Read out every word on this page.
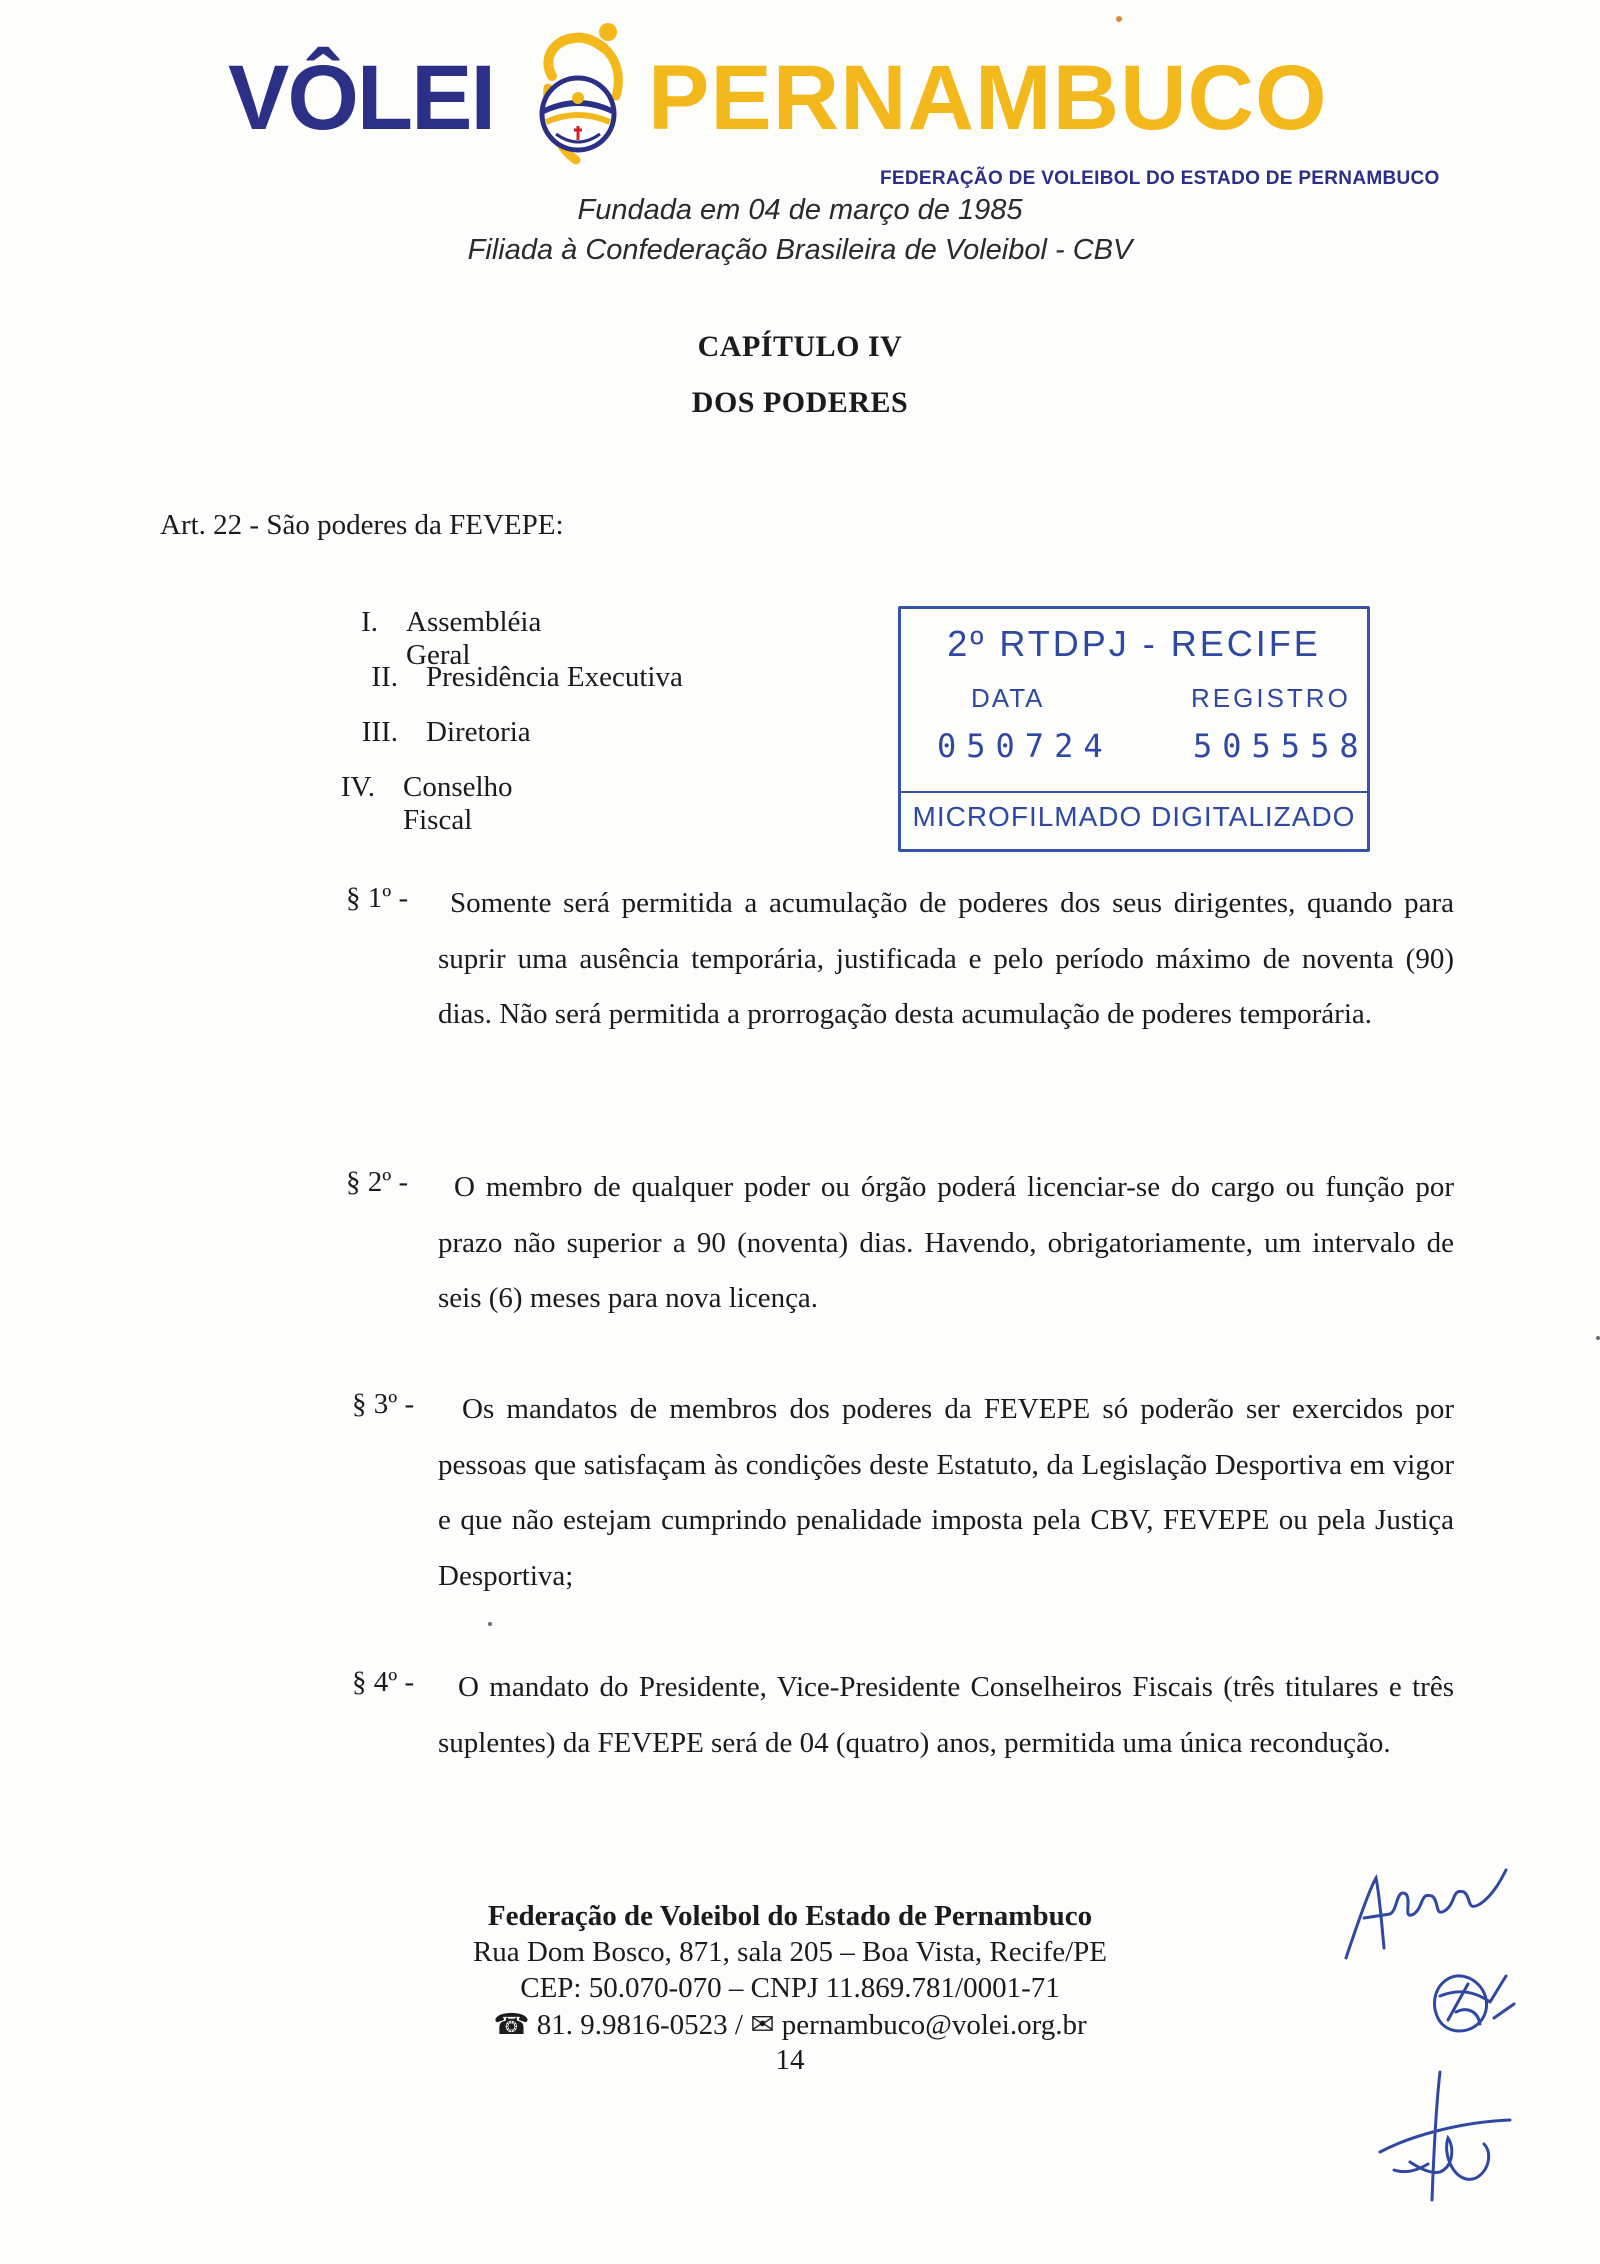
VÔLEI PERNAMBUCO
FEDERAÇÃO DE VOLEIBOL DO ESTADO DE PERNAMBUCO
Fundada em 04 de março de 1985
Filiada à Confederação Brasileira de Voleibol - CBV
CAPÍTULO IV
DOS PODERES
Art. 22 - São poderes da FEVEPE:
I. Assembléia Geral
II. Presidência Executiva
III. Diretoria
IV. Conselho Fiscal
2º RTDPJ - RECIFE
DATA	REGISTRO
050724	505558
MICROFILMADO DIGITALIZADO
§ 1º -	Somente será permitida a acumulação de poderes dos seus dirigentes, quando para suprir uma ausência temporária, justificada e pelo período máximo de noventa (90) dias. Não será permitida a prorrogação desta acumulação de poderes temporária.
§ 2º -	O membro de qualquer poder ou órgão poderá licenciar-se do cargo ou função por prazo não superior a 90 (noventa) dias. Havendo, obrigatoriamente, um intervalo de seis (6) meses para nova licença.
§ 3º -	Os mandatos de membros dos poderes da FEVEPE só poderão ser exercidos por pessoas que satisfaçam às condições deste Estatuto, da Legislação Desportiva em vigor e que não estejam cumprindo penalidade imposta pela CBV, FEVEPE ou pela Justiça Desportiva;
§ 4º -	O mandato do Presidente, Vice-Presidente Conselheiros Fiscais (três titulares e três suplentes) da FEVEPE será de 04 (quatro) anos, permitida uma única recondução.
Federação de Voleibol do Estado de Pernambuco
Rua Dom Bosco, 871, sala 205 – Boa Vista, Recife/PE
CEP: 50.070-070 – CNPJ 11.869.781/0001-71
☎ 81. 9.9816-0523 / ✉ pernambuco@volei.org.br
14
